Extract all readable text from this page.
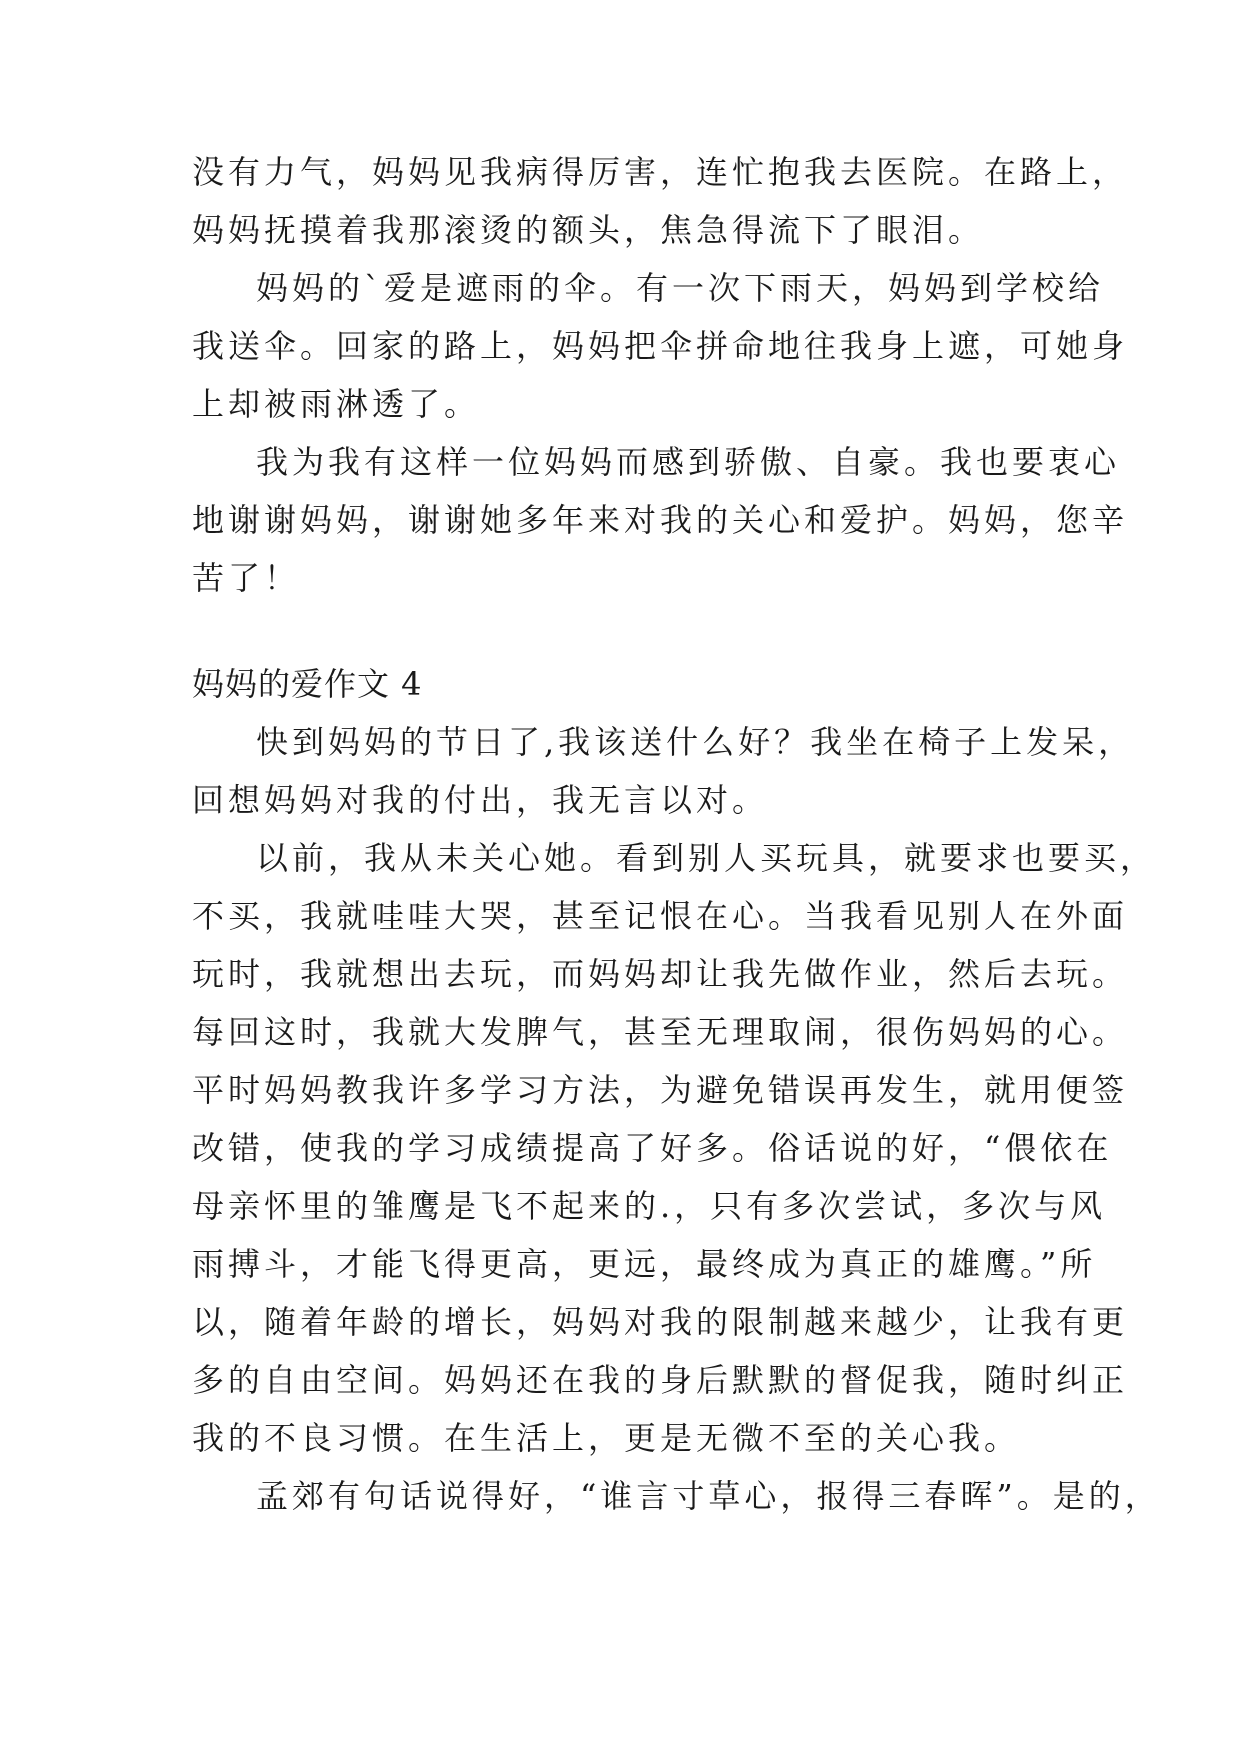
没有力气，妈妈见我病得厉害，连忙抱我去医院。在路上，
妈妈抚摸着我那滚烫的额头，焦急得流下了眼泪。
妈妈的`爱是遮雨的伞。有一次下雨天，妈妈到学校给
我送伞。回家的路上，妈妈把伞拼命地往我身上遮，可她身
上却被雨淋透了。
我为我有这样一位妈妈而感到骄傲、自豪。我也要衷心
地谢谢妈妈，谢谢她多年来对我的关心和爱护。妈妈，您辛
苦了！
妈妈的爱作文 4
快到妈妈的节日了,我该送什么好？我坐在椅子上发呆，
回想妈妈对我的付出，我无言以对。
以前，我从未关心她。看到别人买玩具，就要求也要买，
不买，我就哇哇大哭，甚至记恨在心。当我看见别人在外面
玩时，我就想出去玩，而妈妈却让我先做作业，然后去玩。
每回这时，我就大发脾气，甚至无理取闹，很伤妈妈的心。
平时妈妈教我许多学习方法，为避免错误再发生，就用便签
改错，使我的学习成绩提高了好多。俗话说的好，“偎依在
母亲怀里的雏鹰是飞不起来的.，只有多次尝试，多次与风
雨搏斗，才能飞得更高，更远，最终成为真正的雄鹰。”所
以，随着年龄的增长，妈妈对我的限制越来越少，让我有更
多的自由空间。妈妈还在我的身后默默的督促我，随时纠正
我的不良习惯。在生活上，更是无微不至的关心我。
孟郊有句话说得好，“谁言寸草心，报得三春晖”。是的，
